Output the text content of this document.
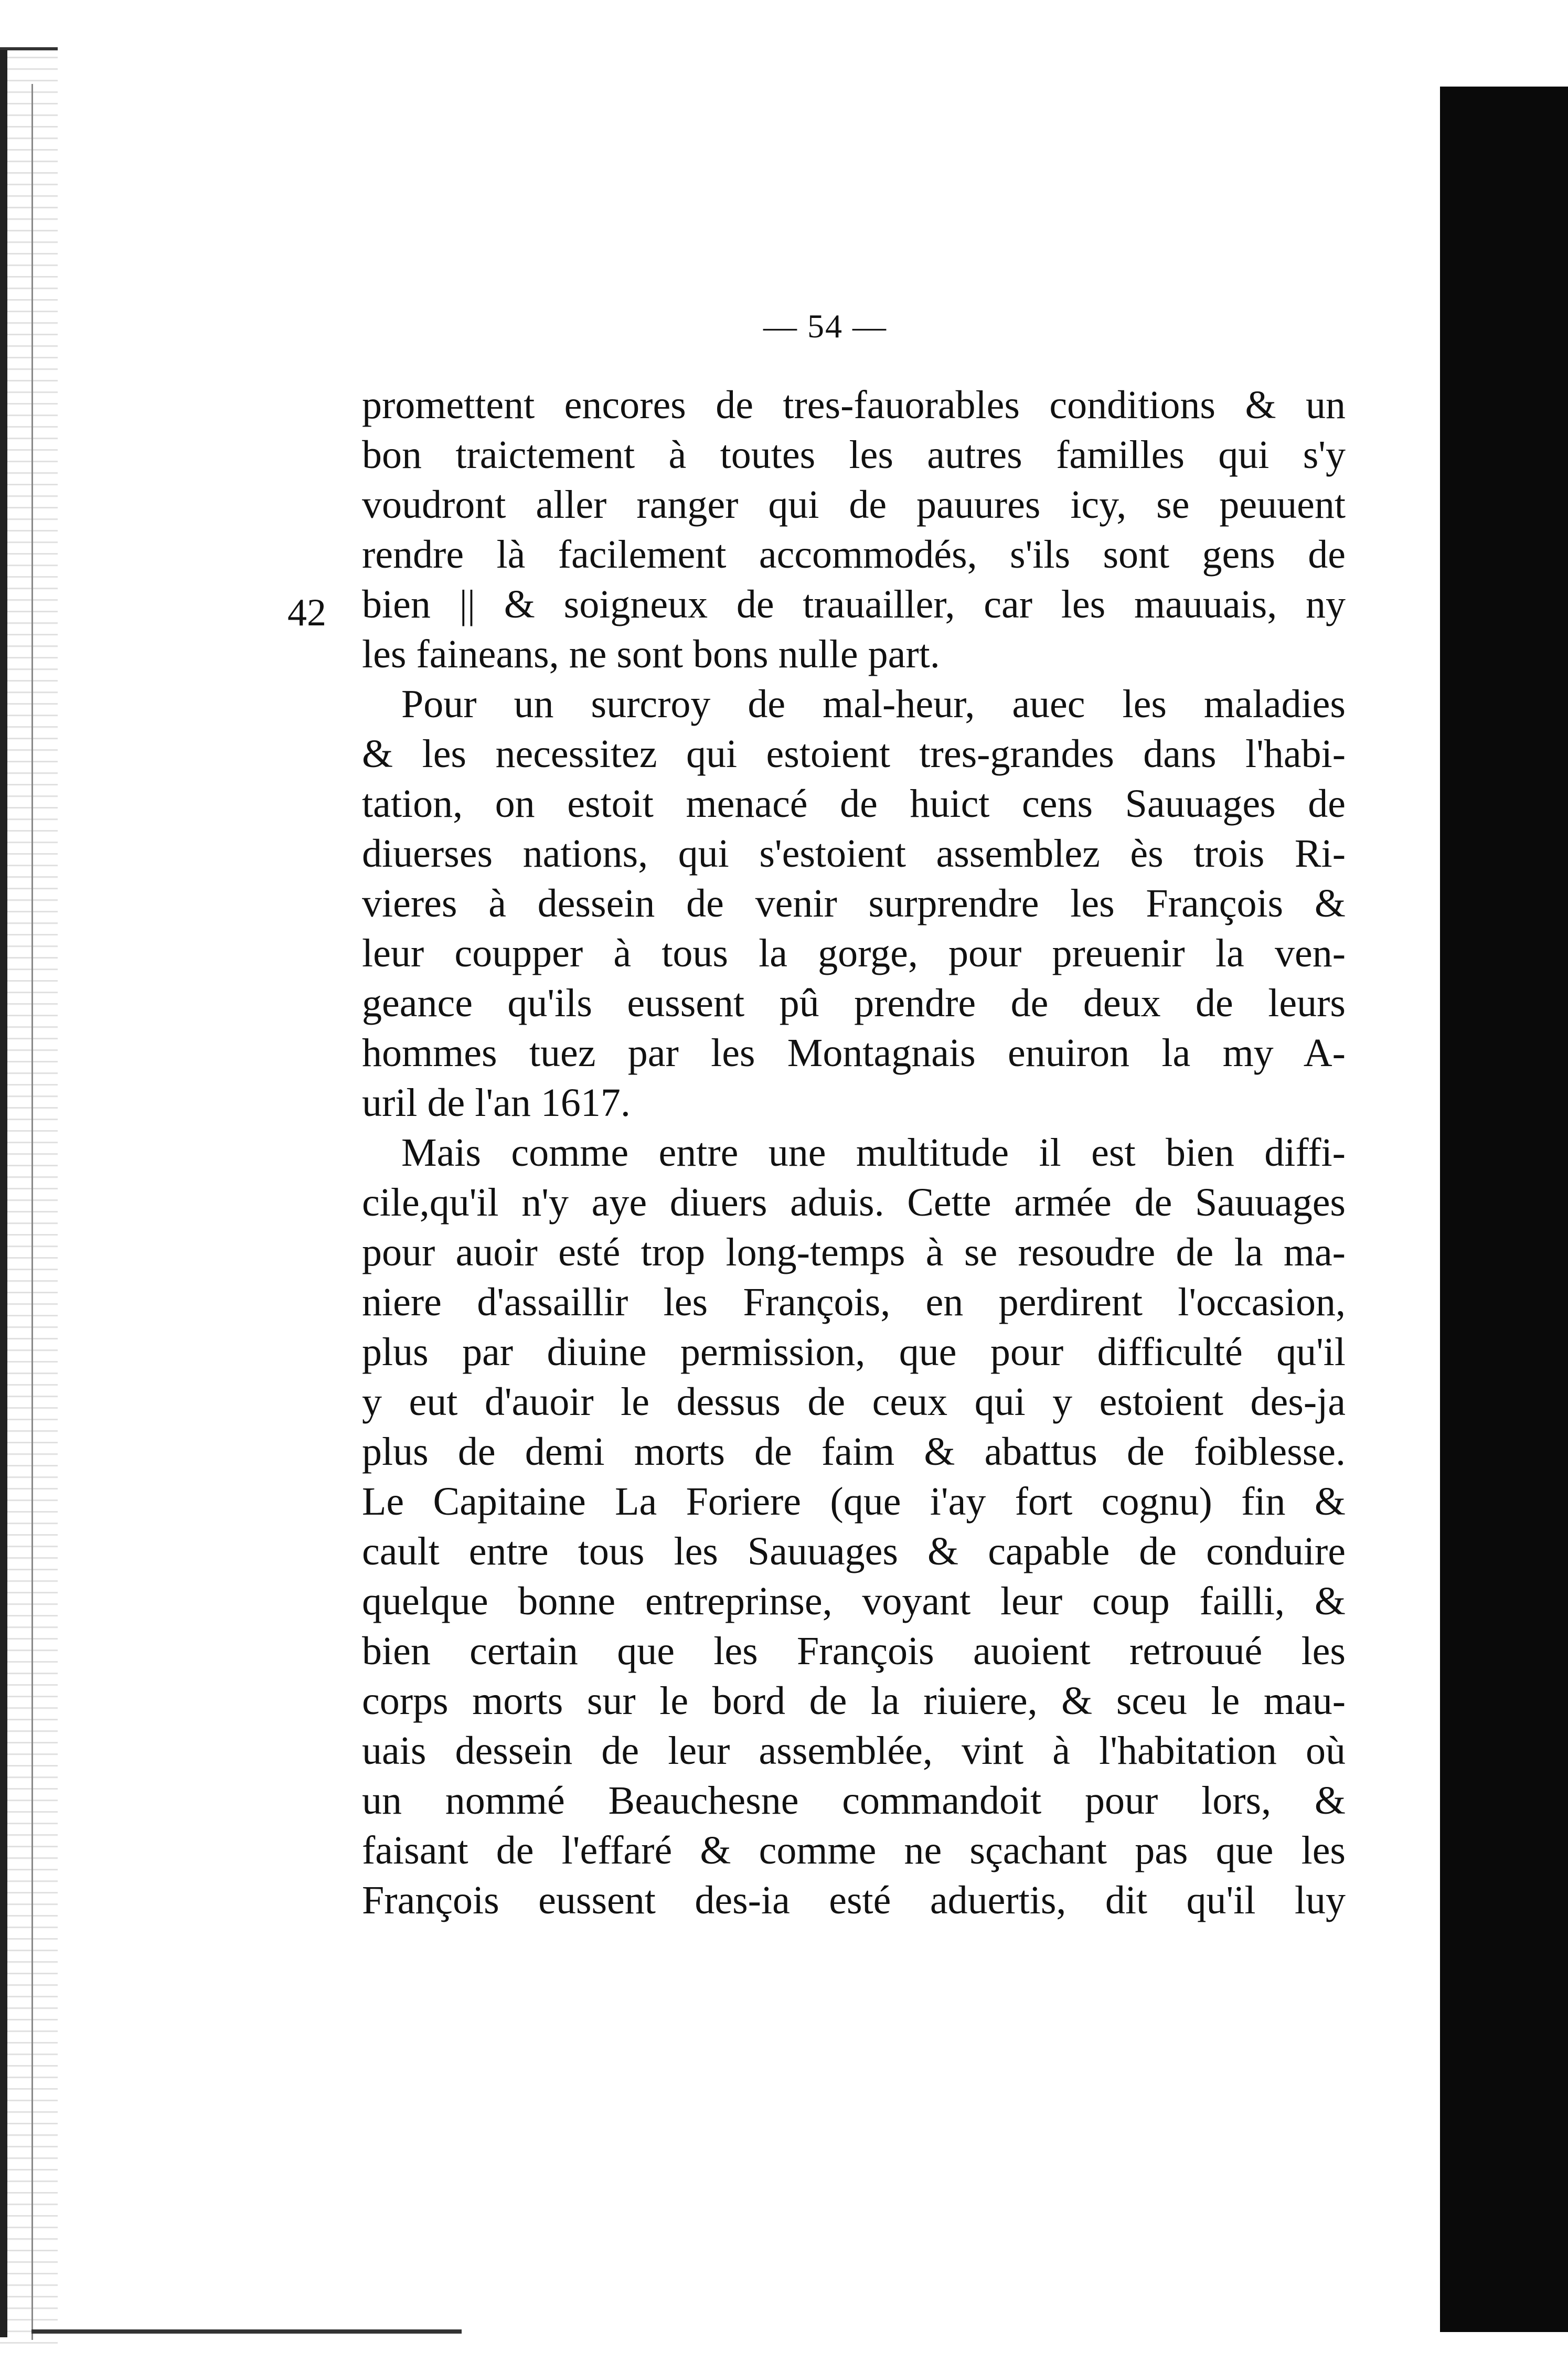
— 54 —
42
promettent encores de tres-fauorables conditions & un
bon traictement à toutes les autres familles qui s'y
voudront aller ranger qui de pauures icy, se peuuent
rendre là facilement accommodés, s'ils sont gens de
bien || & soigneux de trauailler, car les mauuais, ny
les faineans, ne sont bons nulle part.
Pour un surcroy de mal-heur, auec les maladies
& les necessitez qui estoient tres-grandes dans l'habi-
tation, on estoit menacé de huict cens Sauuages de
diuerses nations, qui s'estoient assemblez ès trois Ri-
vieres à dessein de venir surprendre les François &
leur coupper à tous la gorge, pour preuenir la ven-
geance qu'ils eussent pû prendre de deux de leurs
hommes tuez par les Montagnais enuiron la my A-
uril de l'an 1617.
Mais comme entre une multitude il est bien diffi-
cile,qu'il n'y aye diuers aduis. Cette armée de Sauuages
pour auoir esté trop long-temps à se resoudre de la ma-
niere d'assaillir les François, en perdirent l'occasion,
plus par diuine permission, que pour difficulté qu'il
y eut d'auoir le dessus de ceux qui y estoient des-ja
plus de demi morts de faim & abattus de foiblesse.
Le Capitaine La Foriere (que i'ay fort cognu) fin &
cault entre tous les Sauuages & capable de conduire
quelque bonne entreprinse, voyant leur coup failli, &
bien certain que les François auoient retrouué les
corps morts sur le bord de la riuiere, & sceu le mau-
uais dessein de leur assemblée, vint à l'habitation où
un nommé Beauchesne commandoit pour lors, &
faisant de l'effaré & comme ne sçachant pas que les
François eussent des-ia esté aduertis, dit qu'il luy
